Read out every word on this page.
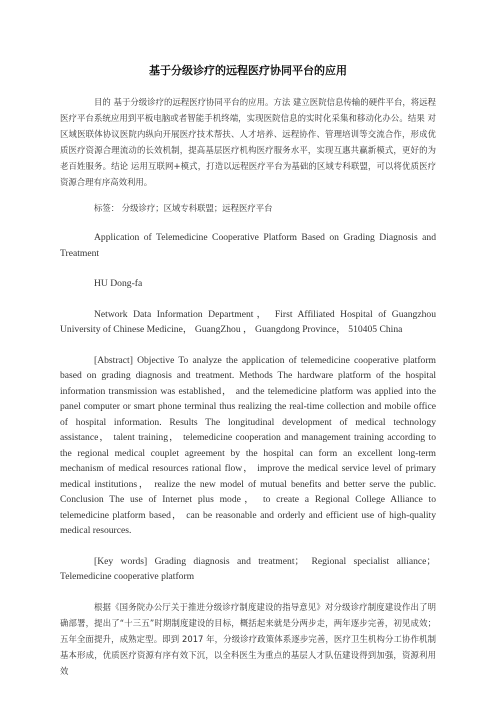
基于分级诊疗的远程医疗协同平台的应用

目的 基于分级诊疗的远程医疗协同平台的应用。方法 建立医院信息传输的硬件平台，将远程医疗平台系统应用到平板电脑或者智能手机终端，实现医院信息的实时化采集和移动化办公。结果 对区域医联体协议医院内纵向开展医疗技术帮扶、人才培养、远程协作、管理培训等交流合作，形成优质医疗资源合理流动的长效机制，提高基层医疗机构医疗服务水平，实现互惠共赢新模式，更好的为老百姓服务。结论 运用互联网+模式，打造以远程医疗平台为基础的区域专科联盟，可以将优质医疗资源合理有序高效利用。

标签： 分级诊疗；区域专科联盟；远程医疗平台

Application of Telemedicine Cooperative Platform Based on Grading Diagnosis and Treatment

HU Dong-fa

Network Data Information Department， First Affiliated Hospital of Guangzhou University of Chinese Medicine， GuangZhou ， Guangdong Province， 510405 China

[Abstract] Objective To analyze the application of telemedicine cooperative platform based on grading diagnosis and treatment. Methods The hardware platform of the hospital information transmission was established， and the telemedicine platform was applied into the panel computer or smart phone terminal thus realizing the real-time collection and mobile office of hospital information. Results The longitudinal development of medical technology assistance， talent training， telemedicine cooperation and management training according to the regional medical couplet agreement by the hospital can form an excellent long-term mechanism of medical resources rational flow， improve the medical service level of primary medical institutions， realize the new model of mutual benefits and better serve the public. Conclusion The use of Internet plus mode， to create a Regional College Alliance to telemedicine platform based， can be reasonable and orderly and efficient use of high-quality medical resources.

[Key words] Grading diagnosis and treatment； Regional specialist alliance； Telemedicine cooperative platform

根据《国务院办公厅关于推进分级诊疗制度建设的指导意见》对分级诊疗制度建设作出了明确部署，提出了“十三五”时期制度建设的目标，概括起来就是分两步走，两年逐步完善，初见成效；五年全面提升，成熟定型。即到 2017 年，分级诊疗政策体系逐步完善，医疗卫生机构分工协作机制基本形成，优质医疗资源有序有效下沉，以全科医生为重点的基层人才队伍建设得到加强，资源利用效
